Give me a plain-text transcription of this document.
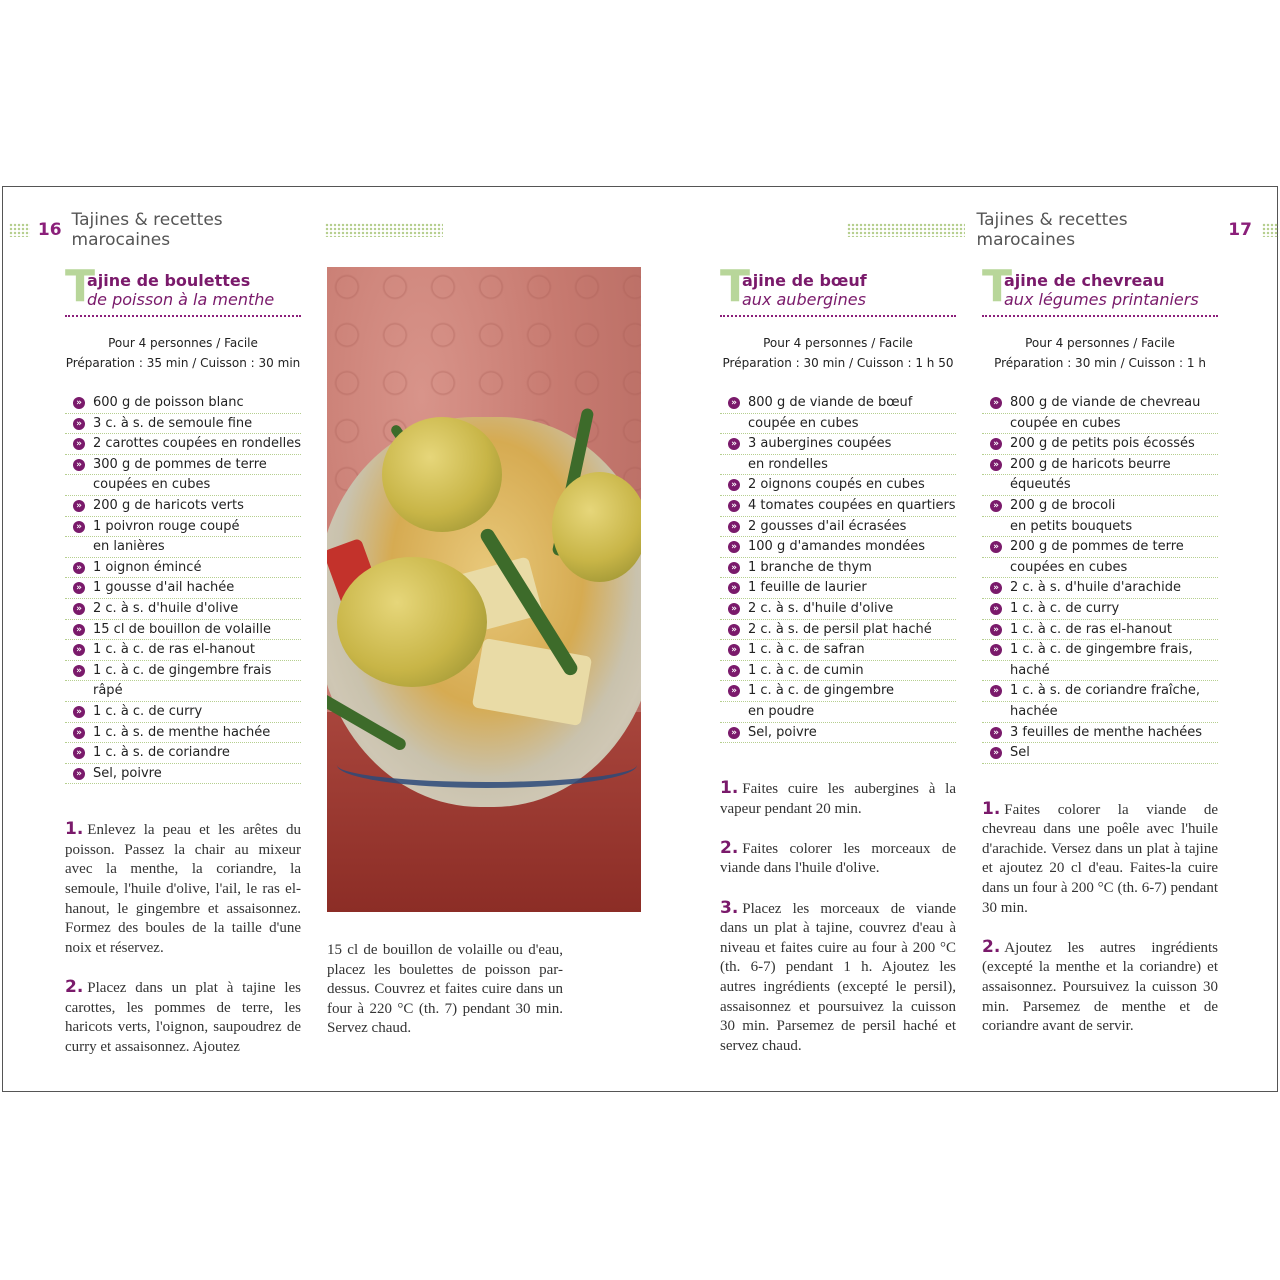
16 Tajines & recettes marocaines
T
ajine de boulettes
de poisson à la menthe
Pour 4 personnes / Facile
Préparation : 35 min / Cuisson : 30 min
» 600 g de poisson blanc
» 3 c. à s. de semoule fine
» 2 carottes coupées en rondelles
» 300 g de pommes de terre
coupées en cubes
» 200 g de haricots verts
» 1 poivron rouge coupé
en lanières
» 1 oignon émincé
» 1 gousse d'ail hachée
» 2 c. à s. d'huile d'olive
» 15 cl de bouillon de volaille
» 1 c. à c. de ras el-hanout
» 1 c. à c. de gingembre frais
râpé
» 1 c. à c. de curry
» 1 c. à s. de menthe hachée
» 1 c. à s. de coriandre
» Sel, poivre

1. Enlevez la peau et les arêtes du poisson. Passez la chair au mixeur avec la menthe, la coriandre, la semoule, l'huile d'olive, l'ail, le ras el-hanout, le gingembre et assaisonnez. Formez des boules de la taille d'une noix et réservez.

2. Placez dans un plat à tajine les carottes, les pommes de terre, les haricots verts, l'oignon, saupoudrez de curry et assaisonnez. Ajoutez

15 cl de bouillon de volaille ou d'eau, placez les boulettes de poisson par-dessus. Couvrez et faites cuire dans un four à 220 °C (th. 7) pendant 30 min. Servez chaud.

Tajines & recettes marocaines	17
T
ajine de bœuf
aux aubergines
Pour 4 personnes / Facile
Préparation : 30 min / Cuisson : 1 h 50
» 800 g de viande de bœuf
coupée en cubes
» 3 aubergines coupées
en rondelles
» 2 oignons coupés en cubes
» 4 tomates coupées en quartiers
» 2 gousses d'ail écrasées
» 100 g d'amandes mondées
» 1 branche de thym
» 1 feuille de laurier
» 2 c. à s. d'huile d'olive
» 2 c. à s. de persil plat haché
» 1 c. à c. de safran
» 1 c. à c. de cumin
» 1 c. à c. de gingembre
en poudre
» Sel, poivre

1. Faites cuire les aubergines à la vapeur pendant 20 min.

2. Faites colorer les morceaux de viande dans l'huile d'olive.

3. Placez les morceaux de viande dans un plat à tajine, couvrez d'eau à niveau et faites cuire au four à 200 °C (th. 6-7) pendant 1 h. Ajoutez les autres ingrédients (excepté le persil), assaisonnez et poursuivez la cuisson 30 min. Parsemez de persil haché et servez chaud.

T
ajine de chevreau
aux légumes printaniers
Pour 4 personnes / Facile
Préparation : 30 min / Cuisson : 1 h
» 800 g de viande de chevreau
coupée en cubes
» 200 g de petits pois écossés
» 200 g de haricots beurre
équeutés
» 200 g de brocoli
en petits bouquets
» 200 g de pommes de terre
coupées en cubes
» 2 c. à s. d'huile d'arachide
» 1 c. à c. de curry
» 1 c. à c. de ras el-hanout
» 1 c. à c. de gingembre frais,
haché
» 1 c. à s. de coriandre fraîche,
hachée
» 3 feuilles de menthe hachées
» Sel

1. Faites colorer la viande de chevreau dans une poêle avec l'huile d'arachide. Versez dans un plat à tajine et ajoutez 20 cl d'eau. Faites-la cuire dans un four à 200 °C (th. 6-7) pendant 30 min.

2. Ajoutez les autres ingrédients (excepté la menthe et la coriandre) et assaisonnez. Poursuivez la cuisson 30 min. Parsemez de menthe et de coriandre avant de servir.
